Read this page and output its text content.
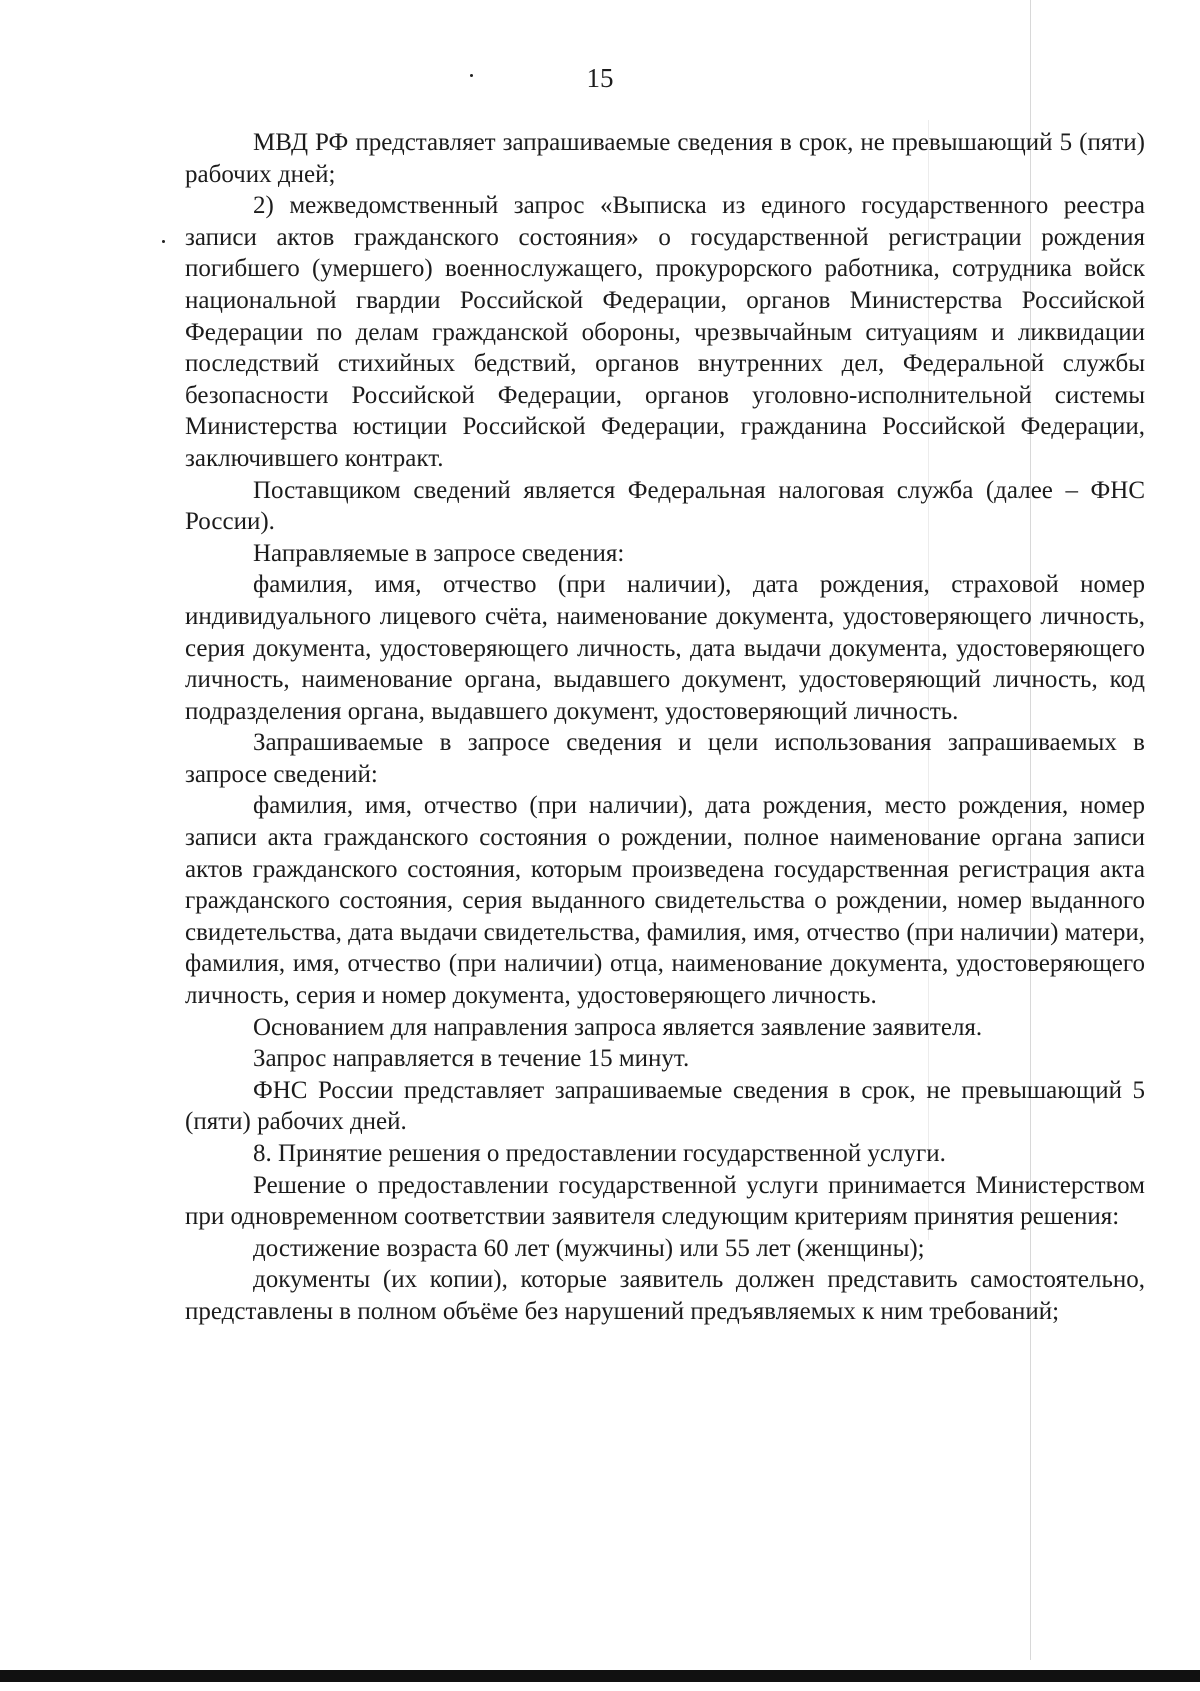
15

МВД РФ представляет запрашиваемые сведения в срок, не превышающий 5 (пяти) рабочих дней;

2) межведомственный запрос «Выписка из единого государственного реестра записи актов гражданского состояния» о государственной регистрации рождения погибшего (умершего) военнослужащего, прокурорского работника, сотрудника войск национальной гвардии Российской Федерации, органов Министерства Российской Федерации по делам гражданской обороны, чрезвычайным ситуациям и ликвидации последствий стихийных бедствий, органов внутренних дел, Федеральной службы безопасности Российской Федерации, органов уголовно-исполнительной системы Министерства юстиции Российской Федерации, гражданина Российской Федерации, заключившего контракт.

Поставщиком сведений является Федеральная налоговая служба (далее – ФНС России).

Направляемые в запросе сведения:

фамилия, имя, отчество (при наличии), дата рождения, страховой номер индивидуального лицевого счёта, наименование документа, удостоверяющего личность, серия документа, удостоверяющего личность, дата выдачи документа, удостоверяющего личность, наименование органа, выдавшего документ, удостоверяющий личность, код подразделения органа, выдавшего документ, удостоверяющий личность.

Запрашиваемые в запросе сведения и цели использования запрашиваемых в запросе сведений:

фамилия, имя, отчество (при наличии), дата рождения, место рождения, номер записи акта гражданского состояния о рождении, полное наименование органа записи актов гражданского состояния, которым произведена государственная регистрация акта гражданского состояния, серия выданного свидетельства о рождении, номер выданного свидетельства, дата выдачи свидетельства, фамилия, имя, отчество (при наличии) матери, фамилия, имя, отчество (при наличии) отца, наименование документа, удостоверяющего личность, серия и номер документа, удостоверяющего личность.

Основанием для направления запроса является заявление заявителя.

Запрос направляется в течение 15 минут.

ФНС России представляет запрашиваемые сведения в срок, не превышающий 5 (пяти) рабочих дней.

8. Принятие решения о предоставлении государственной услуги.

Решение о предоставлении государственной услуги принимается Министерством при одновременном соответствии заявителя следующим критериям принятия решения:

достижение возраста 60 лет (мужчины) или 55 лет (женщины);

документы (их копии), которые заявитель должен представить самостоятельно, представлены в полном объёме без нарушений предъявляемых к ним требований;
